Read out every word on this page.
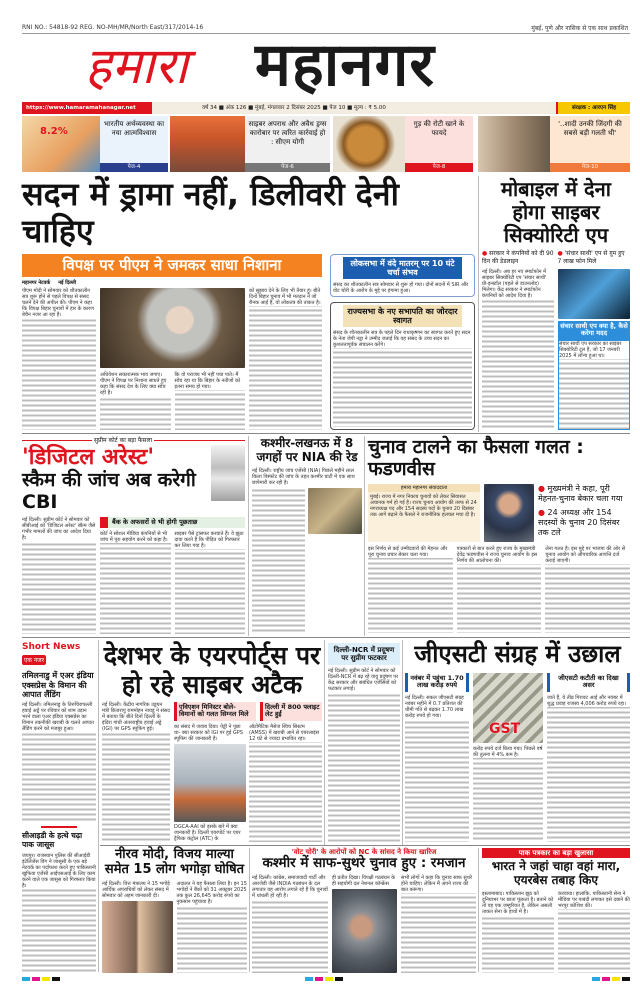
RNI NO.: 54818-92 REG. NO-MH/MR/North East/317/2014-16	मुंबई, पुणे और नासिक से एक साथ प्रकाशित
हमारा महानगर
https://www.hamaramahanagar.net	वर्ष 34 ■ अंक 126 ■ मुंबई, मंगलवार 2 दिसंबर 2025 ■ पेज 10 ■ मूल्य : ₹ 5.00	संरक्षक : आरएन सिंह
8.2%
भारतीय अर्थव्यवस्था का नया आत्मविश्वास
पेज-4
साइबर अपराध और अवैध ड्रग्स कारोबार पर त्वरित कार्रवाई हो : सीएम योगी
पेज-6
गुड़ की रोटी खाने के फायदे
पेज-8
'..शादी उनकी जिंदगी की सबसे बड़ी गलती थी'
पेज-10
सदन में ड्रामा नहीं, डिलीवरी देनी चाहिए
विपक्ष पर पीएम ने जमकर साधा निशाना
महानगर नेटवर्क नई दिल्ली
पीएम मोदी ने सोमवार को शीतकालीन सत्र शुरू होने से पहले विपक्ष से संसद चलने देने की अपील की। पीएम ने कहा कि विपक्ष बिहार चुनावों में हार के कारण बेचैन नजर आ रहा है।
अधिवेशन सकारात्मक भाव जगाए। पीएम ने विपक्ष पर निशाना साधते हुए कहा कि संसद देश के लिए क्या सोच रही है।
कि वो पराजय भी नहीं पचा पाते। मैं सोच रहा था कि बिहार के नतीजों को इतना समय हो गया।
को सुझाव देने के लिए भी तैयार हूं। बीते दिनों बिहार चुनाव में भी मतदान ने जो रौनक आई है, वो लोकतंत्र की ताकत है।
लोकसभा में वंदे मातरम् पर 10 घंटे चर्चा संभव
संसद का शीतकालीन सत्र सोमवार से शुरू हो गया। दोनों सदनों में SIR और वोट चोरी के आरोप के मुद्दे पर हंगामा हुआ।
राज्यसभा के नए सभापति का जोरदार स्वागत
संसद के शीतकालीन सत्र के पहले दिन राधाकृष्णन का स्वागत करते हुए सदन के नेता जेपी नड्डा ने उम्मीद जताई कि वह संसद के उच्च सदन का कुशलतापूर्वक संचालन करेंगे।
मोबाइल में देना होगा साइबर सिक्योरिटी एप
● सरकार ने कंपनियों को दी 90 दिन की डेडलाइन
● 'संचार साथी' एप से ग़ुम हुए 7 लाख फोन मिले
नई दिल्ली। अब हर नए स्मार्टफोन में साइबर सिक्योरिटी एप 'संचार साथी' प्री-इन्स्टॉल (पहले से डाउनलोड) मिलेगा। केंद्र सरकार ने स्मार्टफोन कंपनियों को आदेश दिया है।
संचार साथी एप क्या है, कैसे करेगा मदद
संचार साथी एप सरकार का साइबर सिक्योरिटी टूल है, जो 17 जनवरी 2025 में लॉन्च हुआ था।
सुप्रीम कोर्ट का बड़ा फैसला
'डिजिटल अरेस्ट'
स्कैम की जांच अब करेगी CBI
नई दिल्ली। सुप्रीम कोर्ट ने सोमवार को सीबीआई को 'डिजिटल अरेस्ट' स्कैम जैसे गंभीर मामलों की जांच का आदेश दिया है।
बैंक के अफसरों से भी होगी पूछताछ
कोर्ट ने सोशल मीडिया कंपनियों से भी जांच में पूरा सहयोग करने को कहा है।
साइबर पैसे ट्रांसफर करवाते हैं। वे झूठा दावा करते हैं कि पीड़ित को गिरफ्तार कर लिया गया है।
कश्मीर-लखनऊ में 8 जगहों पर NIA की रेड
नई दिल्ली। राष्ट्रीय जांच एजेंसी (NIA) पिछले महीने लाल किला विस्फोट की जांच के तहत कश्मीर घाटी में एक साथ छापेमारी कर रही है।
चुनाव टालने का फैसला गलत : फडणवीस
हमारा महानगर संवाददाता
मुंबई। राज्य में नगर निकाय चुनावों को लेकर सियासत अचानक गर्म हो गई है। राज्य चुनाव आयोग की तरफ से 24 नगराध्यक्ष पद और 154 सदस्य पदों के चुनाव 20 दिसंबर तक आगे बढ़ाने के फैसले ने राजनीतिक हलचल मचा दी है।
● मुख्यमंत्री ने कहा, पूरी मेहनत-चुनाव बेकार चला गया
● 24 अध्यक्ष और 154 सदस्यों के चुनाव 20 दिसंबर तक टले
इस निर्णय से कई उम्मीदवारों की मेहनत और पूरा चुनाव प्रचार बेकार चला गया।
पत्रकारों से बात करते हुए राज्य के मुख्यमंत्री देवेंद्र फडणवीस ने राज्य चुनाव आयोग के इस निर्णय की आलोचना की।
लेना गलत है। इस मुद्दे पर भाजपा की ओर से चुनाव आयोग को औपचारिक आपत्ति दर्ज कराई जाएगी।
Short News
एक नजर
तमिलनाडु में एअर इंडिया एक्सप्रेस के विमान की आपात लैंडिंग
नई दिल्ली। तमिलनाडु के तिरुचिरापल्ली हवाई अड्डे पर रविवार को शाम उड़ान भरने वाला एअर इंडिया एक्सप्रेस का विमान तकनीकी खराबी के चलते आपात लैंडिंग करने को मजबूर हुआ।
सीआइडी के हत्थे चढ़ा पाक जासूस
जयपुर। राजस्थान पुलिस की सीआईडी इंटेलिजेंस विंग ने जासूसी के एक बड़े नेटवर्क का पर्दाफाश करते हुए पाकिस्तानी खुफिया एजेंसी आईएसआई के लिए काम करने वाले एक जासूस को गिरफ्तार किया है।
देशभर के एयरपोर्ट्स पर हो रहे साइबर अटैक
नई दिल्ली। केंद्रीय नागरिक उड्डयन मंत्री किंजरापु राममोहन नायडू ने संसद में बताया कि बीते दिनों दिल्ली के इंदिरा गांधी अंतरराष्ट्रीय हवाई अड्डे (IGI) पर GPS स्पूफिंग हुई।
एविएशन मिनिस्टर बोले- विमानों को गलत सिग्नल मिले
दिल्ली में 800 फ्लाइट लेट हुईं
का संसद में जवाब दिया। पेड्डी ने पूछा था- क्या सरकार को IGI पर हुई GPS स्पूफिंग की जानकारी है।
DGCA-AAI को इसके बारे में क्या जानकारी है। दिल्ली एयरपोर्ट पर एयर ट्रैफिक कंट्रोल (ATC) के
ऑटोमैटिक मैसेज स्विच सिस्टम (AMSS) में खराबी आने से एयरलाइंस 12 घंटे से ज्यादा प्रभावित रहा।
दिल्ली-NCR में प्रदूषण पर सुप्रीम फटकार
नई दिल्ली। सुप्रीम कोर्ट ने सोमवार को दिल्ली-NCR में बढ़ रहे वायु प्रदूषण पर केंद्र सरकार और संबंधित एजेंसियों को फटकार लगाई।
जीएसटी संग्रह में उछाल
नवंबर में पहुंचा 1.70 लाख करोड़ रुपये
नई दिल्ली। सकल जीएसटी संग्रह नवंबर महीने में 0.7 प्रतिशत की धीमी गति से बढ़कर 1.70 लाख करोड़ रुपये हो गया।
GST
करोड़ रुपये दर्ज किया गया। पिछले वर्ष की तुलना में 4% कम है।
जीएसटी कटौती का दिखा असर
जाते हैं, ये तीव्र गिरावट आई और नवंबर में शुद्ध प्रवाह राजस्व 4,006 करोड़ रुपये रहा।
नीरव मोदी, विजय माल्या समेत 15 लोग भगोड़ा घोषित
नई दिल्ली। वित्त मंत्रालय ने 15 भगोड़े आर्थिक अपराधियों को लेकर संसद में सोमवार को अहम जानकारी दी।
अदालत ने यह फैसला लिया है। इन 15 भगोड़ों ने बैंकों को 31 अक्टूबर 2025 तक कुल 26,645 करोड़ रुपये का नुकसान पहुंचाया है।
'वोट चोरी' के आरोपों को NC के सांसद ने किया खारिज
कश्मीर में साफ-सुथरे चुनाव हुए : रमजान
नई दिल्ली। कांग्रेस, समाजवादी पार्टी और आरजेडी जैसे INDIA गठबंधन के दल लगातार यह आरोप लगाते रहे हैं कि चुनावों में धांधली हो रही है।
ही प्रतीत दिखा। विपक्षी गठबंधन के ही सहयोगी दल नेशनल कॉन्फ्रेंस
सभी लोगों ने कहा कि चुनाव साफ सुथरे होने चाहिए। लेकिन मैं अपने राज्य की बात करूंगा।
पाक पत्रकार का बड़ा खुलासा
भारत ने जहां चाहा वहां मारा, एयरबेस तबाह किए
इस्लामाबाद। पाकिस्तान झूठ को दुनियाभर पर छाता फूंकता है। बताने को तो वह एक जम्हूरियत है, लेकिन असली ताकत सेना के हाथों में है।
करवाया। हालांकि, पाकिस्तानी सेना ने मीडिया पर पाबंदी लगाकर इसे दबाने की भरपूर कोशिश की।
